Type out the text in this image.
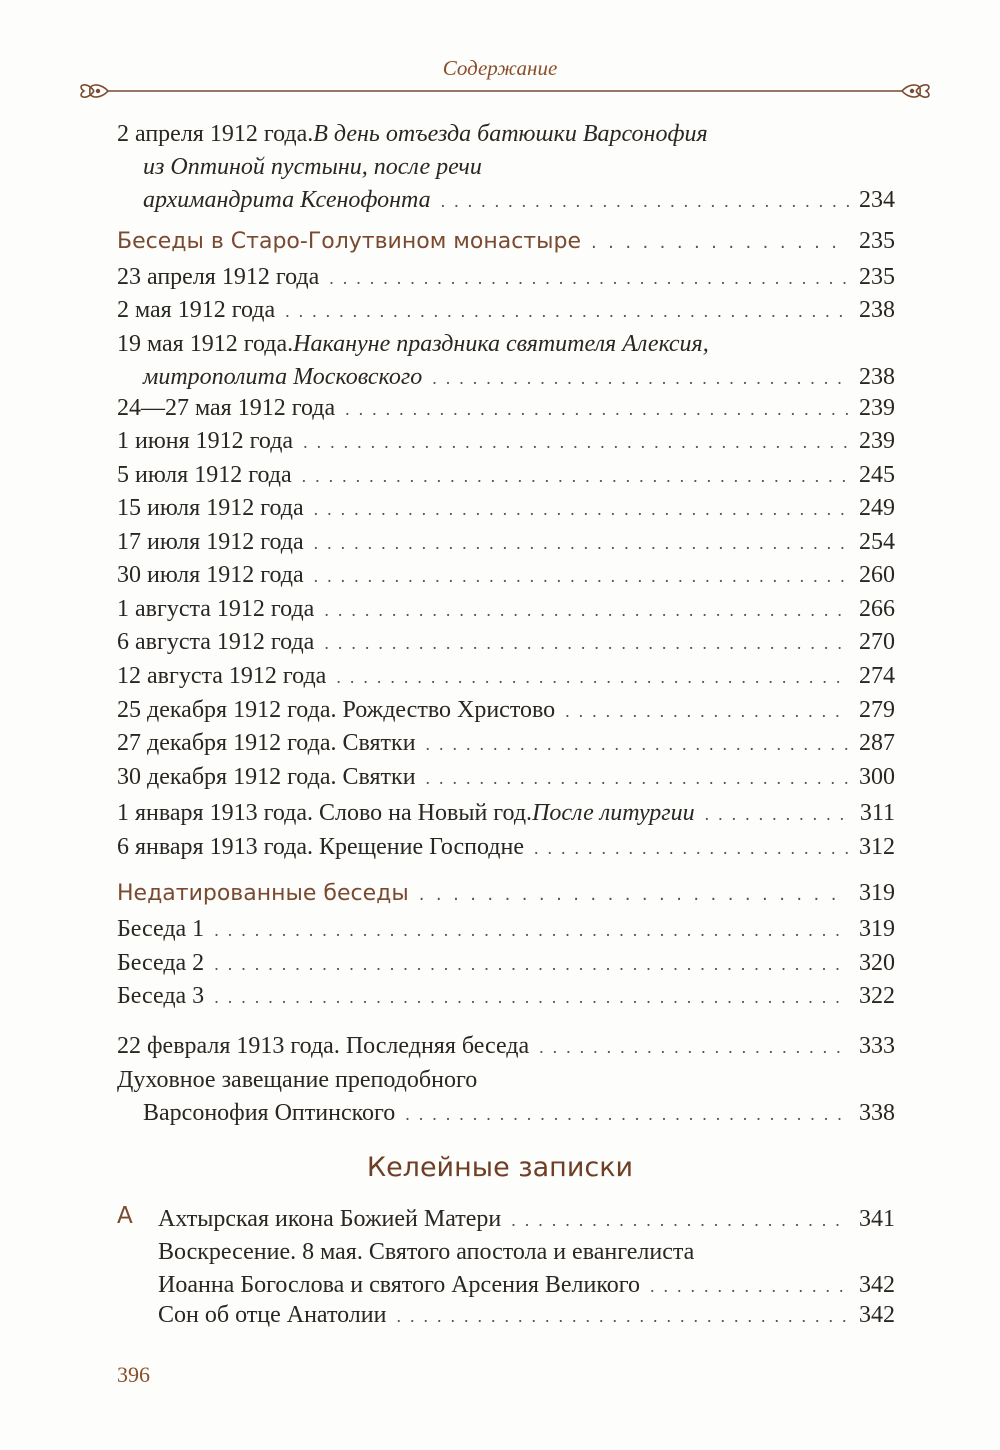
Содержание
2 апреля 1912 года. В день отъезда батюшки Варсонофия
из Оптиной пустыни, после речи
архимандрита Ксенофонта . .	234
Беседы в Старо-Голутвином монастыре . .	235
23 апреля 1912 года . .	235
2 мая 1912 года . .	238
19 мая 1912 года. Накануне праздника святителя Алексия,
митрополита Московского . .	238
24—27 мая 1912 года . .	239
1 июня 1912 года . .	239
5 июля 1912 года . .	245
15 июля 1912 года . .	249
17 июля 1912 года . .	254
30 июля 1912 года . .	260
1 августа 1912 года . .	266
6 августа 1912 года . .	270
12 августа 1912 года . .	274
25 декабря 1912 года. Рождество Христово . .	279
27 декабря 1912 года. Святки . .	287
30 декабря 1912 года. Святки . .	300
1 января 1913 года. Слово на Новый год. После литургии . .	311
6 января 1913 года. Крещение Господне . .	312
Недатированные беседы . .	319
Беседа 1 . .	319
Беседа 2 . .	320
Беседа 3 . .	322
22 февраля 1913 года. Последняя беседа . .	333
Духовное завещание преподобного
Варсонофия Оптинского . .	338
Келейные записки
А Ахтырская икона Божией Матери . .	341
Воскресение. 8 мая. Святого апостола и евангелиста
Иоанна Богослова и святого Арсения Великого . .	342
Сон об отце Анатолии . .	342
396
